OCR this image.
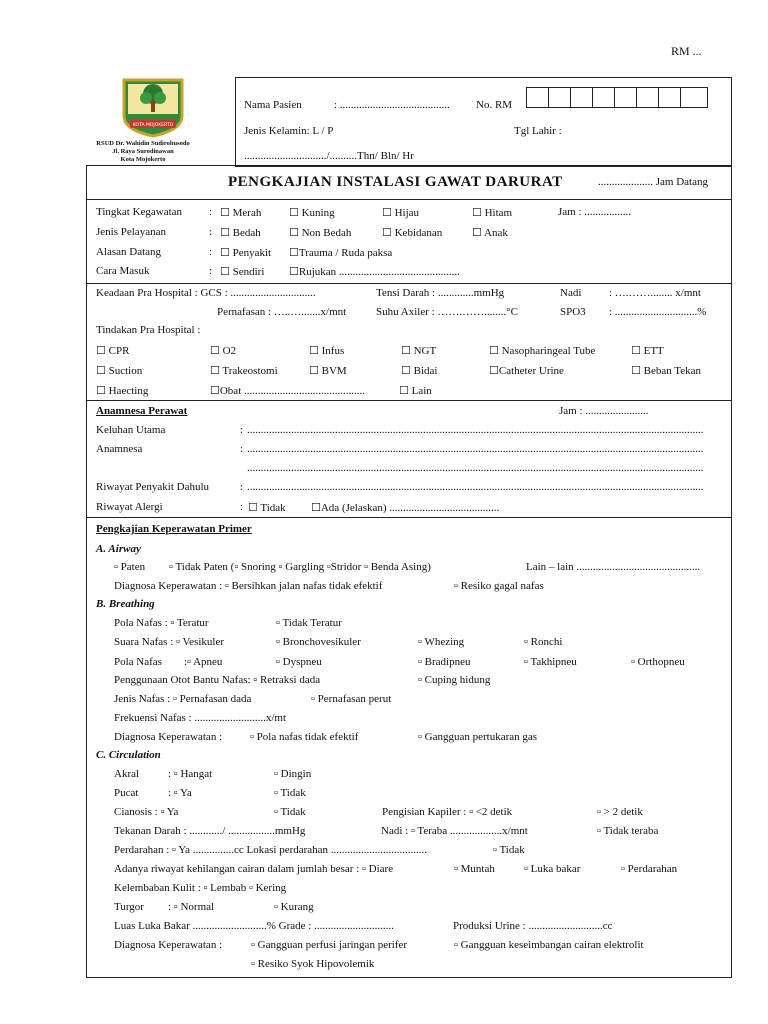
RM ...
KOTA MOJOKERTO
RSUD Dr. Wahidin Sudirohusodo
Jl. Raya Surodinawan
Kota Mojokerto
Nama Pasien	: ........................................ No. RM
Jenis Kelamin: L / P	Tgl Lahir :
............................../..........Thn/ Bln/ Hr
PENGKAJIAN INSTALASI GAWAT DARURAT	.................... Jam Datang
Tingkat Kegawatan : ☐ Merah	☐ Kuning	☐ Hijau	☐ Hitam	Jam : .................
Jenis Pelayanan	: ☐ Bedah	☐ Non Bedah	☐ Kebidanan	☐ Anak
Alasan Datang	: ☐ Penyakit ☐Trauma / Ruda paksa
Cara Masuk	: ☐ Sendiri ☐Rujukan ............................................
Keadaan Pra Hospital : GCS : ...............................	Tensi Darah : .............mmHg	Nadi	: ….……........ x/mnt
Pernafasan : …..….......x/mnt	Suhu Axiler : …….……........°C	SPO3 : ..............................%
Tindakan Pra Hospital :
☐ CPR	☐ O2	☐ Infus	☐ NGT	☐ Nasopharingeal Tube	☐ ETT
☐ Suction	☐ Trakeostomi	☐ BVM	☐ Bidai	☐Catheter Urine	☐ Beban Tekan
☐ Haecting	☐Obat ............................................	☐ Lain
Anamnesa Perawat	Jam : .......................
Keluhan Utama	: ......................................................................................................................................................................
Anamnesa	: ......................................................................................................................................................................
......................................................................................................................................................................
Riwayat Penyakit Dahulu	: ......................................................................................................................................................................
Riwayat Alergi	: ☐ Tidak ☐Ada (Jelaskan) ........................................
Pengkajian Keperawatan Primer
A. Airway
▫ Paten ▫ Tidak Paten (▫ Snoring ▫ Gargling ▫Stridor ▫ Benda Asing)	Lain – lain .............................................
Diagnosa Keperawatan : ▫ Bersihkan jalan nafas tidak efektif	▫ Resiko gagal nafas
B. Breathing
Pola Nafas : ▫ Teratur	▫ Tidak Teratur
Suara Nafas : ▫ Vesikuler	▫ Bronchovesikuler	▫ Whezing	▫ Ronchi
Pola Nafas :▫ Apneu	▫ Dyspneu	▫ Bradipneu	▫ Takhipneu	▫ Orthopneu
Penggunaan Otot Bantu Nafas: ▫ Retraksi dada	▫ Cuping hidung
Jenis Nafas : ▫ Pernafasan dada	▫ Pernafasan perut
Frekuensi Nafas : ..........................x/mt
Diagnosa Keperawatan :	▫ Pola nafas tidak efektif	▫ Gangguan pertukaran gas
C. Circulation
Akral	: ▫ Hangat	▫ Dingin
Pucat	: ▫ Ya	▫ Tidak
Cianosis : ▫ Ya	▫ Tidak	Pengisian Kapiler : ▫ <2 detik	▫ > 2 detik
Tekanan Darah : ............/ .................mmHg	Nadi : ▫ Teraba ...................x/mnt	▫ Tidak teraba
Perdarahan : ▫ Ya ...............cc Lokasi perdarahan ...................................	▫ Tidak
Adanya riwayat kehilangan cairan dalam jumlah besar : ▫ Diare	▫ Muntah	▫ Luka bakar	▫ Perdarahan
Kelembaban Kulit : ▫ Lembab ▫ Kering
Turgor : ▫ Normal	▫ Kurang
Luas Luka Bakar ...........................% Grade : .............................	Produksi Urine : ...........................cc
Diagnosa Keperawatan :	▫ Gangguan perfusi jaringan perifer	▫ Gangguan keseimbangan cairan elektrolit
▫ Resiko Syok Hipovolemik
